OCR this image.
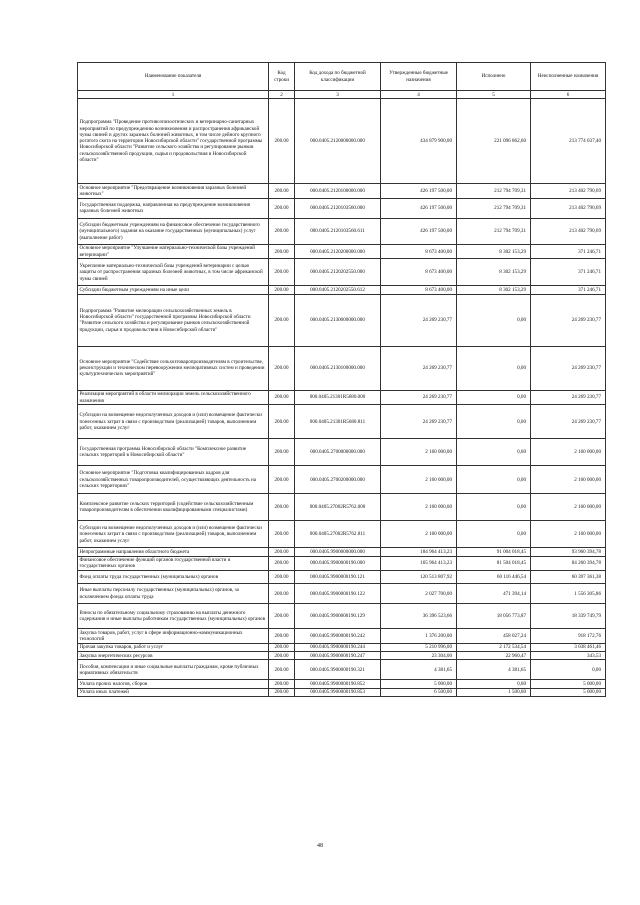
Наименование показателя	Код строки	Код дохода по бюджетной классификации	Утвержденные бюджетные назначения	Исполнено	Неисполненные назначения
1	2	3	4	5	6
Подпрограмма "Проведение противоэпизоотических и ветеринарно-санитарных мероприятий по предупреждению возникновения и распространения африканской чумы свиней и других заразных болезней животных, в том числе дейного крупного рогатого скота на территории Новосибирской области" государственной программы Новосибирской области "Развитие сельского хозяйства и регулирование рынков сельскохозяйственной продукции, сырья и продовольствия в Новосибирской области"	200.00	000.0405.2120000000.000	434 879 900,00	221 096 862,60	213 774 037,40
Основное мероприятие "Предотвращение возникновения заразных болезней животных"	200.00	000.0405.2120100000.000	426 197 500,00	212 794 709,31	213 402 790,69
Государственная поддержка, направленная на предупреждение возникновения заразных болезней животных	200.00	000.0405.2120103560.000	426 197 500,00	212 794 709,31	213 402 790,69
Субсидии бюджетным учреждениям на финансовое обеспечение государственного (муниципального) задания на оказание государственных (муниципальных) услуг (выполнение работ)	200.00	000.0405.2120103560.611	426 197 500,00	212 794 709,31	213 402 790,69
Основное мероприятие "Улучшение материально-технической базы учреждений ветеринарии"	200.00	000.0405.2120200000.000	8 673 400,00	8 302 153,29	371 246,71
Укрепление материально-технической базы учреждений ветеринарии с целью защиты от распространения заразных болезней животных, в том числе африканской чумы свиней	200.00	000.0405.2120202550.000	8 673 400,00	8 302 153,29	371 246,71
Субсидии бюджетным учреждениям на иные цели	200.00	000.0405.2120202550.612	8 673 400,00	8 302 153,29	371 246,71
Подпрограмма "Развитие мелиорации сельскохозяйственных земель в Новосибирской области" государственной программы Новосибирской области "Развитие сельского хозяйства и регулирование рынков сельскохозяйственной продукции, сырья и продовольствия в Новосибирской области"	200.00	000.0405.2130000000.000	24 269 230,77	0,00	24 269 230,77
Основное мероприятие "Содействие сельхозтоваропроизводителям в строительстве, реконструкции и техническом перевооружении мелиоративных систем и проведении культуртехнических мероприятий"	200.00	000.0405.2130100000.000	24 269 230,77	0,00	24 269 230,77
Реализация мероприятий в области мелиорации земель сельскохозяйственного назначения	200.00	000.0405.21301R5680.000	24 269 230,77	0,00	24 269 230,77
Субсидии на возмещение недополученных доходов и (или) возмещение фактически понесенных затрат в связи с производством (реализацией) товаров, выполнением работ, оказанием услуг	200.00	000.0405.21301R5680.811	24 269 230,77	0,00	24 269 230,77
Государственная программа Новосибирской области "Комплексное развитие сельских территорий в Новосибирской области"	200.00	000.0405.2700000000.000	2 160 000,00	0,00	2 160 000,00
Основное мероприятие "Подготовка квалифицированных кадров для сельскохозяйственных товаропроизводителей, осуществляющих деятельность на сельских территориях"	200.00	000.0405.2700200000.000	2 160 000,00	0,00	2 160 000,00
Комплексное развитие сельских территорий (содействие сельскохозяйственным товаропроизводителям в обеспечении квалифицированными специалистами)	200.00	000.0405.27002R5762.000	2 160 000,00	0,00	2 160 000,00
Субсидии на возмещение недополученных доходов и (или) возмещение фактически понесенных затрат в связи с производством (реализацией) товаров, выполнением работ, оказанием услуг	200.00	000.0405.27002R5762.811	2 160 000,00	0,00	2 160 000,00
Непрограммные направления областного бюджета	200.00	000.0405.9900000000.000	184 964 413,23	91 004 018,45	93 960 394,78
Финансовое обеспечение функций органов государственной власти и государственных органов	200.00	000.0405.9900000190.000	165 964 413,23	81 504 018,45	84 260 394,78
Фонд оплаты труда государственных (муниципальных) органов	200.00	000.0405.9900000190.121	120 513 807,92	60 116 446,54	60 397 361,38
Иные выплаты персоналу государственных (муниципальных) органов, за исключением фонда оплаты труда	200.00	000.0405.9900000190.122	2 027 700,00	471 394,14	1 556 305,86
Взносы по обязательному социальному страхованию на выплаты денежного содержания и иные выплаты работникам государственных (муниципальных) органов	200.00	000.0405.9900000190.129	36 396 523,66	18 056 773,87	18 339 749,79
Закупка товаров, работ, услуг в сфере информационно-коммуникационных технологий	200.00	000.0405.9900000190.242	1 376 200,00	458 027,24	918 172,76
Прочая закупка товаров, работ и услуг	200.00	000.0405.9900000190.244	5 210 996,00	2 172 534,54	3 038 461,46
Закупка энергетических ресурсов	200.00	000.0405.9900000190.247	23 304,00	22 960,47	343,53
Пособия, компенсации и иные социальные выплаты гражданам, кроме публичных нормативных обязательств	200.00	000.0405.9900000190.321	4 381,65	4 381,65	0,00
Уплата прочих налогов, сборов	200.00	000.0405.9900000190.852	5 000,00	0,00	5 000,00
Уплата иных платежей	200.00	000.0405.9900000190.853	6 500,00	1 500,00	5 000,00
48
